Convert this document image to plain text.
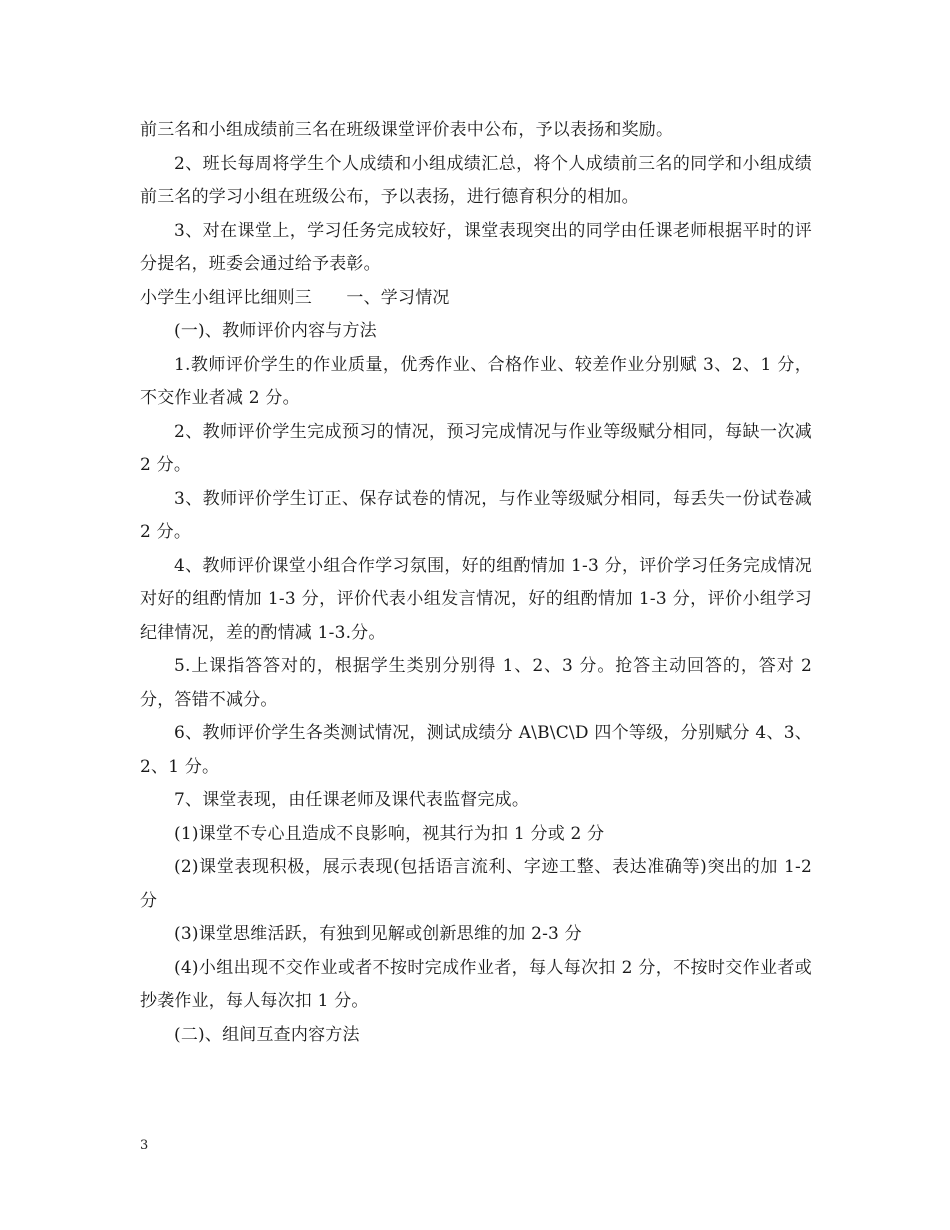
前三名和小组成绩前三名在班级课堂评价表中公布，予以表扬和奖励。

2、班长每周将学生个人成绩和小组成绩汇总，将个人成绩前三名的同学和小组成绩前三名的学习小组在班级公布，予以表扬，进行德育积分的相加。

3、对在课堂上，学习任务完成较好，课堂表现突出的同学由任课老师根据平时的评分提名，班委会通过给予表彰。

小学生小组评比细则三　　一、学习情况

(一)、教师评价内容与方法

1.教师评价学生的作业质量，优秀作业、合格作业、较差作业分别赋 3、2、1 分，不交作业者减 2 分。

2、教师评价学生完成预习的情况，预习完成情况与作业等级赋分相同，每缺一次减 2 分。

3、教师评价学生订正、保存试卷的情况，与作业等级赋分相同，每丢失一份试卷减 2 分。

4、教师评价课堂小组合作学习氛围，好的组酌情加 1-3 分，评价学习任务完成情况对好的组酌情加 1-3 分，评价代表小组发言情况，好的组酌情加 1-3 分，评价小组学习纪律情况，差的酌情减 1-3.分。

5.上课指答答对的，根据学生类别分别得 1、2、3 分。抢答主动回答的，答对 2 分，答错不减分。

6、教师评价学生各类测试情况，测试成绩分 A\B\C\D 四个等级，分别赋分 4、3、2、1 分。

7、课堂表现，由任课老师及课代表监督完成。

(1)课堂不专心且造成不良影响，视其行为扣 1 分或 2 分

(2)课堂表现积极，展示表现(包括语言流利、字迹工整、表达准确等)突出的加 1-2 分

(3)课堂思维活跃，有独到见解或创新思维的加 2-3 分

(4)小组出现不交作业或者不按时完成作业者，每人每次扣 2 分，不按时交作业者或抄袭作业，每人每次扣 1 分。

(二)、组间互查内容方法

3
